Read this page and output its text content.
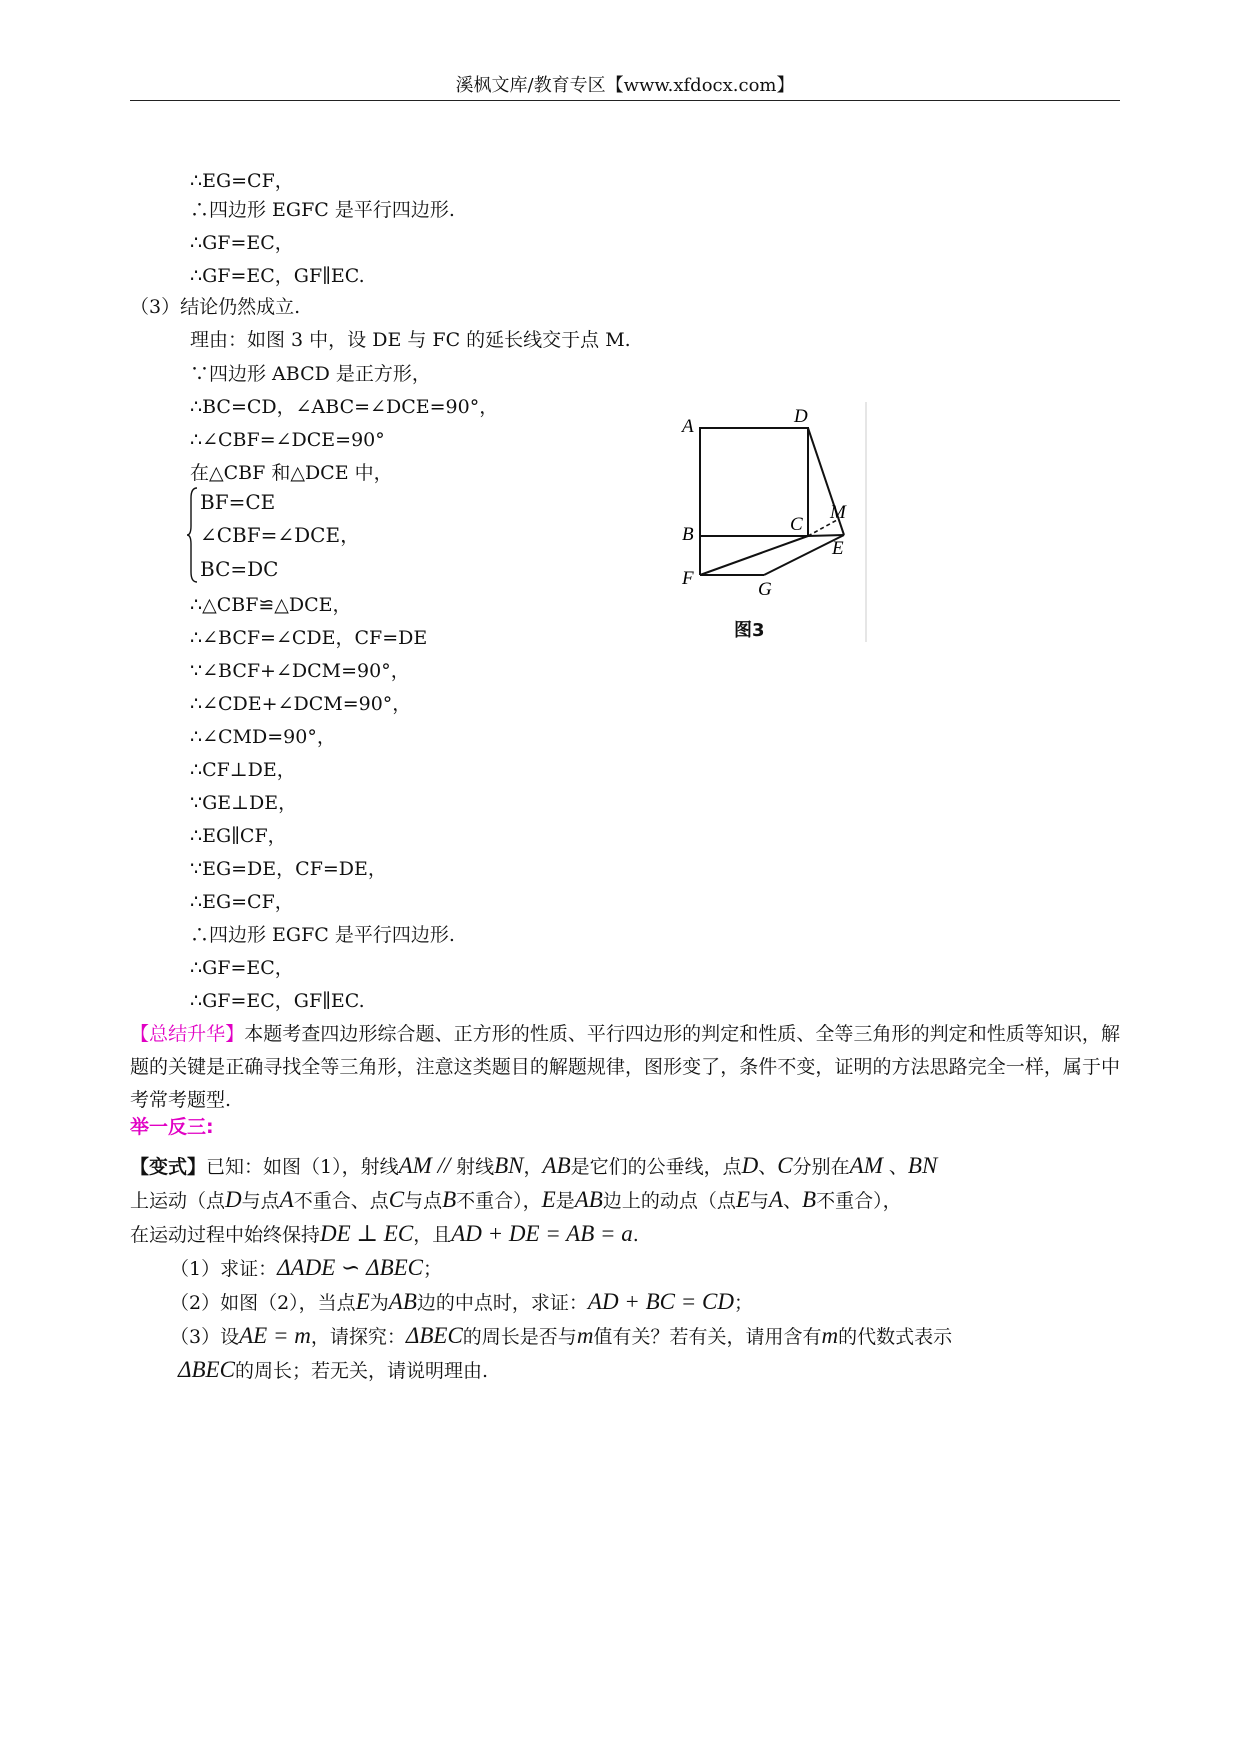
溪枫文库/教育专区【www.xfdocx.com】
∴EG=CF，
∴四边形 EGFC 是平行四边形.
∴GF=EC，
∴GF=EC，GF∥EC.
（3）结论仍然成立.
理由：如图 3 中，设 DE 与 FC 的延长线交于点 M.
∵四边形 ABCD 是正方形，
∴BC=CD，∠ABC=∠DCE=90°，
∴∠CBF=∠DCE=90°
在△CBF 和△DCE 中，
BF=CE
∠CBF=∠DCE，
BC=DC
∴△CBF≌△DCE，
∴∠BCF=∠CDE，CF=DE
∵∠BCF+∠DCM=90°，
∴∠CDE+∠DCM=90°，
∴∠CMD=90°，
∴CF⊥DE，
∵GE⊥DE，
∴EG∥CF，
∵EG=DE，CF=DE，
∴EG=CF，
∴四边形 EGFC 是平行四边形.
∴GF=EC，
∴GF=EC，GF∥EC.
A	D
B	C
M
E
F
G
图3
【总结升华】本题考查四边形综合题、正方形的性质、平行四边形的判定和性质、全等三角形的判定和性质等知识，解题的关键是正确寻找全等三角形，注意这类题目的解题规律，图形变了，条件不变，证明的方法思路完全一样，属于中考常考题型.
举一反三:
【变式】已知：如图（1），射线AM // 射线BN，AB是它们的公垂线，点D、C分别在AM 、BN
上运动（点D与点A不重合、点C与点B不重合），E是AB边上的动点（点E与A、B不重合），
在运动过程中始终保持DE ⊥ EC，且AD + DE = AB = a.
（1）求证：ΔADE ∽ ΔBEC；
（2）如图（2），当点E为AB边的中点时，求证：AD + BC = CD；
（3）设AE = m，请探究：ΔBEC的周长是否与m值有关？若有关，请用含有m的代数式表示
ΔBEC的周长；若无关，请说明理由.
